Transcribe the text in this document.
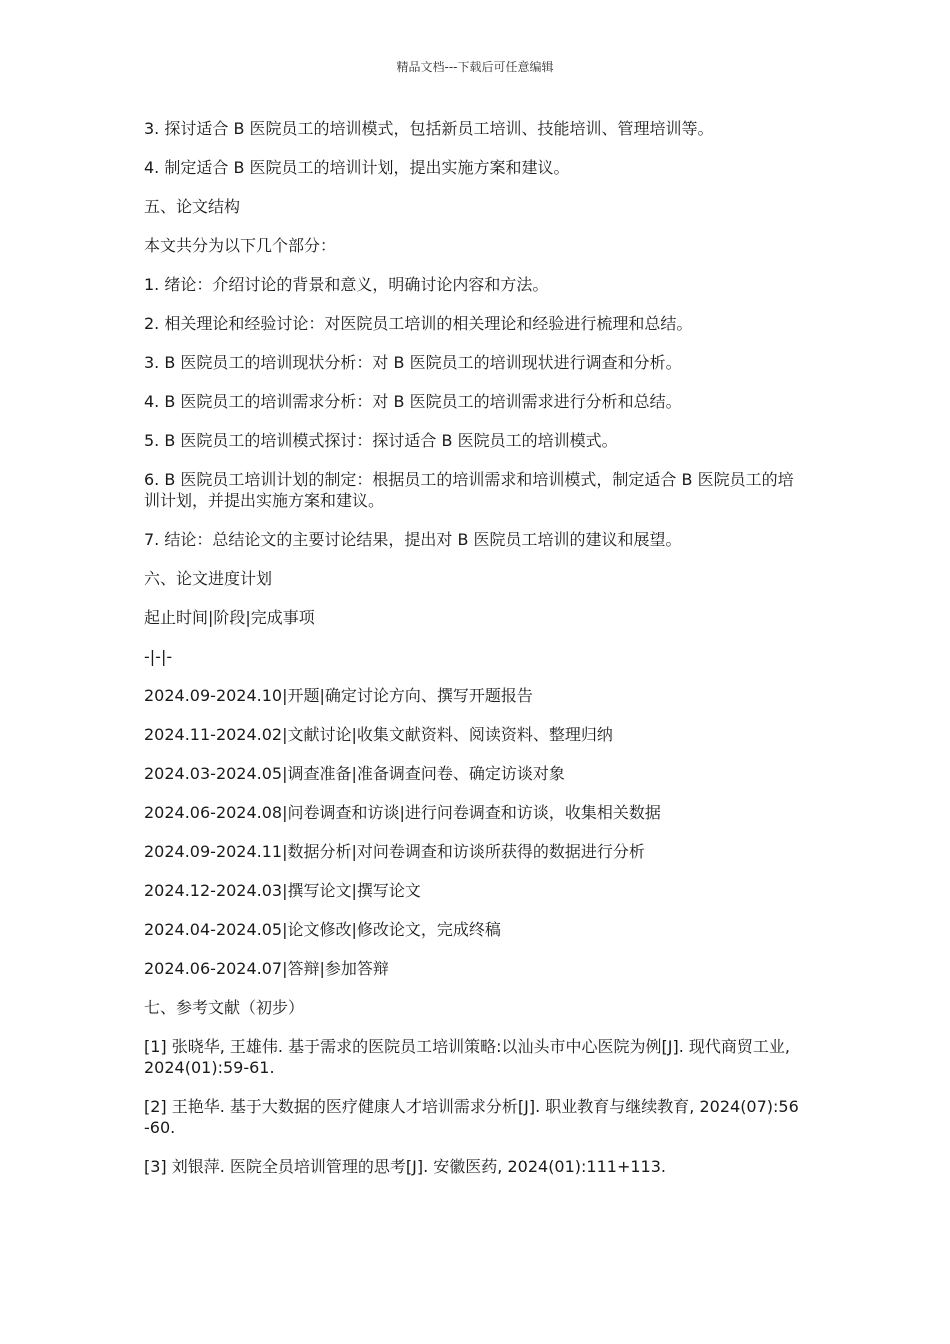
精品文档---下载后可任意编辑

3. 探讨适合 B 医院员工的培训模式，包括新员工培训、技能培训、管理培训等。

4. 制定适合 B 医院员工的培训计划，提出实施方案和建议。

五、论文结构

本文共分为以下几个部分：

1. 绪论：介绍讨论的背景和意义，明确讨论内容和方法。

2. 相关理论和经验讨论：对医院员工培训的相关理论和经验进行梳理和总结。

3. B 医院员工的培训现状分析：对 B 医院员工的培训现状进行调查和分析。

4. B 医院员工的培训需求分析：对 B 医院员工的培训需求进行分析和总结。

5. B 医院员工的培训模式探讨：探讨适合 B 医院员工的培训模式。

6. B 医院员工培训计划的制定：根据员工的培训需求和培训模式，制定适合 B 医院员工的培训计划，并提出实施方案和建议。

7. 结论：总结论文的主要讨论结果，提出对 B 医院员工培训的建议和展望。

六、论文进度计划

起止时间|阶段|完成事项

-|-|-

2024.09-2024.10|开题|确定讨论方向、撰写开题报告

2024.11-2024.02|文献讨论|收集文献资料、阅读资料、整理归纳

2024.03-2024.05|调查准备|准备调查问卷、确定访谈对象

2024.06-2024.08|问卷调查和访谈|进行问卷调查和访谈，收集相关数据

2024.09-2024.11|数据分析|对问卷调查和访谈所获得的数据进行分析

2024.12-2024.03|撰写论文|撰写论文

2024.04-2024.05|论文修改|修改论文，完成终稿

2024.06-2024.07|答辩|参加答辩

七、参考文献（初步）

[1] 张晓华, 王雄伟. 基于需求的医院员工培训策略:以汕头市中心医院为例[J]. 现代商贸工业, 2024(01):59-61.

[2] 王艳华. 基于大数据的医疗健康人才培训需求分析[J]. 职业教育与继续教育, 2024(07):56-60.

[3] 刘银萍. 医院全员培训管理的思考[J]. 安徽医药, 2024(01):111+113.
